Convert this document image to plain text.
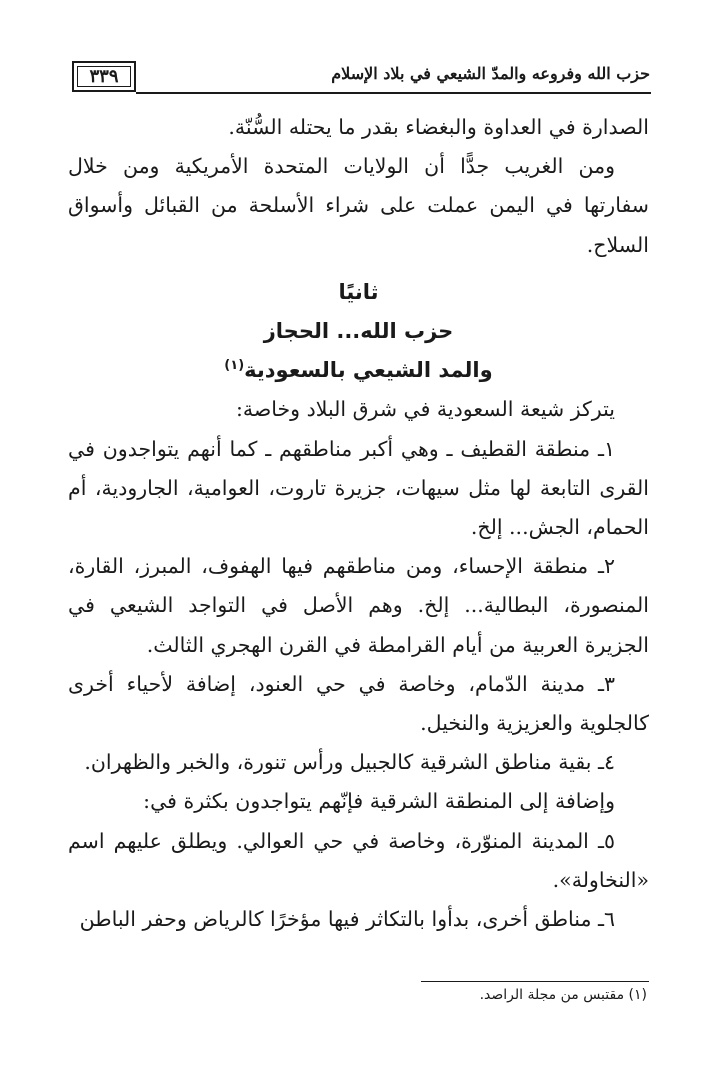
٣٣٩	حزب الله وفروعه والمدّ الشيعي في بلاد الإسلام

الصدارة في العداوة والبغضاء بقدر ما يحتله السُّنّة.

ومن الغريب جدًّا أن الولايات المتحدة الأمريكية ومن خلال سفارتها في اليمن عملت على شراء الأسلحة من القبائل وأسواق السلاح.

ثانيًا
حزب الله... الحجاز
والمد الشيعي بالسعودية$^{(١)}$

يتركز شيعة السعودية في شرق البلاد وخاصة:

١ـ منطقة القطيف ـ وهي أكبر مناطقهم ـ كما أنهم يتواجدون في القرى التابعة لها مثل سيهات، جزيرة تاروت، العوامية، الجارودية، أم الحمام، الجش... إلخ.

٢ـ منطقة الإحساء، ومن مناطقهم فيها الهفوف، المبرز، القارة، المنصورة، البطالية... إلخ. وهم الأصل في التواجد الشيعي في الجزيرة العربية من أيام القرامطة في القرن الهجري الثالث.

٣ـ مدينة الدّمام، وخاصة في حي العنود، إضافة لأحياء أخرى كالجلوية والعزيزية والنخيل.

٤ـ بقية مناطق الشرقية كالجبيل ورأس تنورة، والخبر والظهران.

وإضافة إلى المنطقة الشرقية فإنّهم يتواجدون بكثرة في:

٥ـ المدينة المنوّرة، وخاصة في حي العوالي. ويطلق عليهم اسم «النخاولة».

٦ـ مناطق أخرى، بدأوا بالتكاثر فيها مؤخرًا كالرياض وحفر الباطن

(١) مقتبس من مجلة الراصد.
